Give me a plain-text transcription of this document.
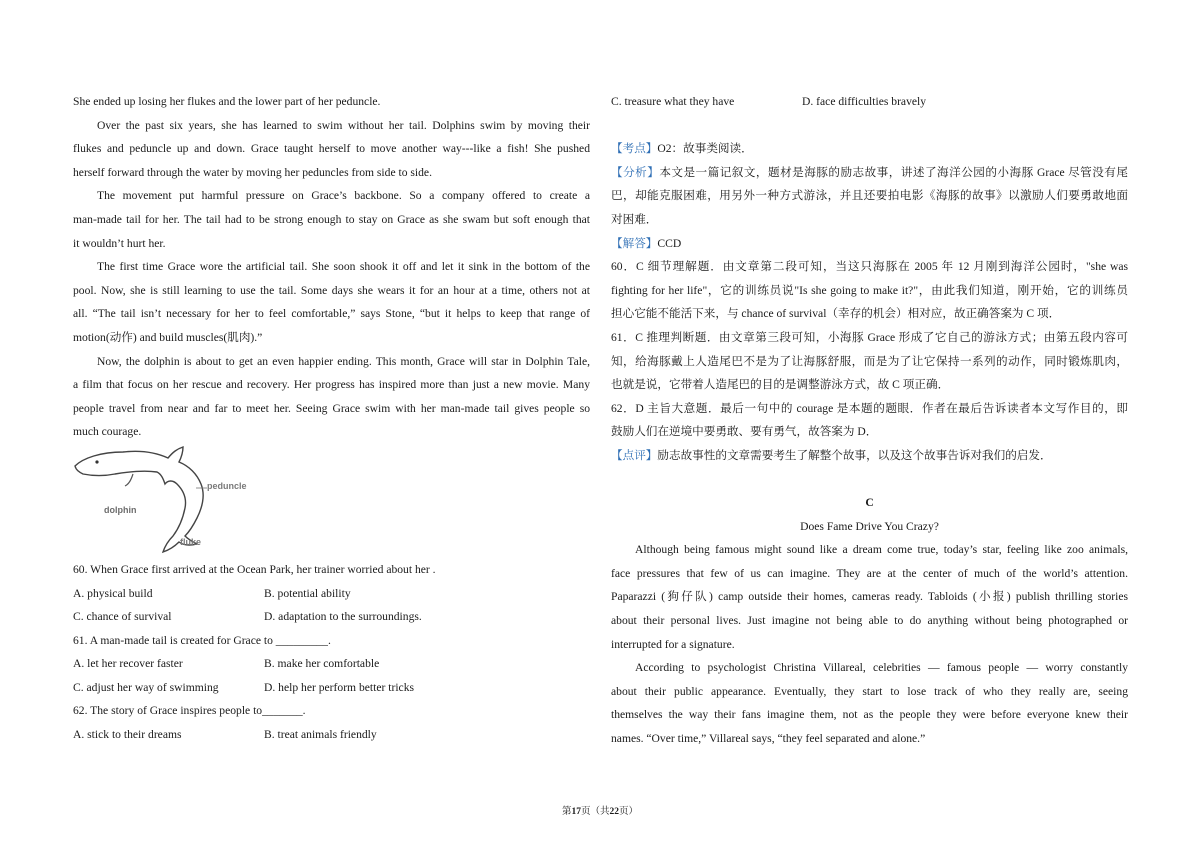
She ended up losing her flukes and the lower part of her peduncle.
Over the past six years, she has learned to swim without her tail. Dolphins swim by moving their
flukes and peduncle up and down. Grace taught herself to move another way---like a fish! She pushed
herself forward through the water by moving her peduncles from side to side.
The movement put harmful pressure on Grace’s backbone. So a company offered to create a
man-made tail for her. The tail had to be strong enough to stay on Grace as she swam but soft enough that
it wouldn’t hurt her.
The first time Grace wore the artificial tail. She soon shook it off and let it sink in the bottom of the
pool. Now, she is still learning to use the tail. Some days she wears it for an hour at a time, others not at
all. “The tail isn’t necessary for her to feel comfortable,” says Stone, “but it helps to keep that range of
motion(动作) and build muscles(肌肉).”
Now, the dolphin is about to get an even happier ending. This month, Grace will star in Dolphin Tale,
a film that focus on her rescue and recovery. Her progress has inspired more than just a new movie. Many
people travel from near and far to meet her. Seeing Grace swim with her man-made tail gives people so
much courage.
dolphin
peduncle
fluke
60. When Grace first arrived at the Ocean Park, her trainer worried about her .
A. physical build	B. potential ability
C. chance of survival	D. adaptation to the surroundings.
61. A man-made tail is created for Grace to _________.
A. let her recover faster	B. make her comfortable
C. adjust her way of swimming	D. help her perform better tricks
62. The story of Grace inspires people to_______.
A. stick to their dreams	B. treat animals friendly
C. treasure what they have	D. face difficulties bravely
【考点】O2：故事类阅读．
【分析】本文是一篇记叙文，题材是海豚的励志故事，讲述了海洋公园的小海豚 Grace 尽管没有尾
巴，却能克服困难，用另外一种方式游泳，并且还要拍电影《海豚的故事》以激励人们要勇敢地面
对困难．
【解答】CCD
60．C 细节理解题．由文章第二段可知，当这只海豚在 2005 年 12 月刚到海洋公园时，"she was
fighting for her life"，它的训练员说"Is she going to make it?"，由此我们知道，刚开始，它的训练员
担心它能不能活下来，与 chance of survival（幸存的机会）相对应，故正确答案为 C 项．
61．C 推理判断题．由文章第三段可知，小海豚 Grace 形成了它自己的游泳方式；由第五段内容可
知，给海豚戴上人造尾巴不是为了让海豚舒服，而是为了让它保持一系列的动作，同时锻炼肌肉，
也就是说，它带着人造尾巴的目的是调整游泳方式，故 C 项正确．
62．D 主旨大意题．最后一句中的 courage 是本题的题眼．作者在最后告诉读者本文写作目的，即
鼓励人们在逆境中要勇敢、要有勇气，故答案为 D．
【点评】励志故事性的文章需要考生了解整个故事，以及这个故事告诉对我们的启发．
C
Does Fame Drive You Crazy?
Although being famous might sound like a dream come true, today’s star, feeling like zoo animals,
face pressures that few of us can imagine. They are at the center of much of the world’s attention.
Paparazzi (狗仔队) camp outside their homes, cameras ready. Tabloids (小报) publish thrilling stories
about their personal lives. Just imagine not being able to do anything without being photographed or
interrupted for a signature.
According to psychologist Christina Villareal, celebrities — famous people — worry constantly
about their public appearance. Eventually, they start to lose track of who they really are, seeing
themselves the way their fans imagine them, not as the people they were before everyone knew their
names. “Over time,” Villareal says, “they feel separated and alone.”
第17页（共22页）
